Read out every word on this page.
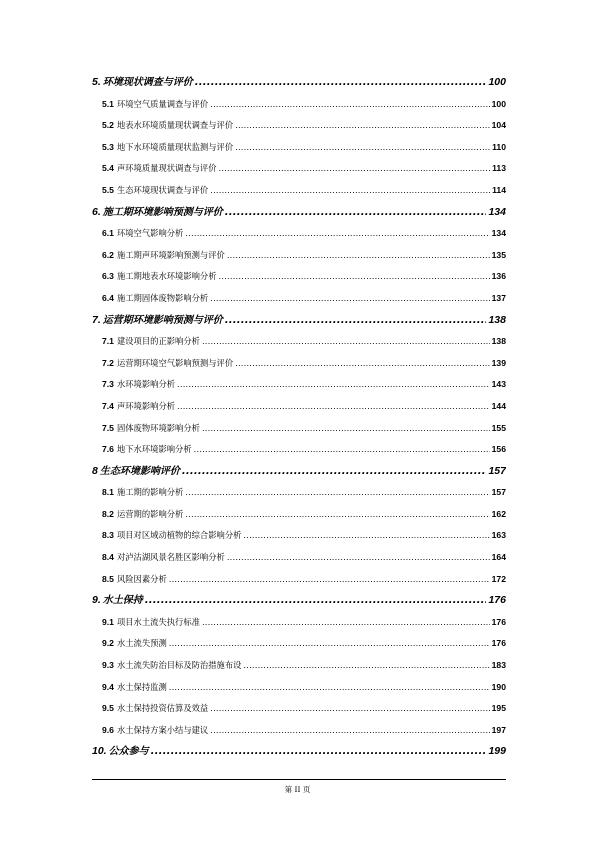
5. 环境现状调查与评价 .....	100
5.1 环境空气质量调查与评价 .....	100
5.2 地表水环境质量现状调查与评价 .....	104
5.3 地下水环境质量现状监测与评价 .....	110
5.4 声环境质量现状调查与评价 .....	113
5.5 生态环境现状调查与评价 .....	114
6. 施工期环境影响预测与评价 .....	134
6.1 环境空气影响分析 .....	134
6.2 施工期声环境影响预测与评价 .....	135
6.3 施工期地表水环境影响分析 .....	136
6.4 施工期固体废物影响分析 .....	137
7. 运营期环境影响预测与评价 .....	138
7.1 建设项目的正影响分析 .....	138
7.2 运营期环境空气影响预测与评价 .....	139
7.3 水环境影响分析 .....	143
7.4 声环境影响分析 .....	144
7.5 固体废物环境影响分析 .....	155
7.6 地下水环境影响分析 .....	156
8 生态环境影响评价 .....	157
8.1 施工期的影响分析 .....	157
8.2 运营期的影响分析 .....	162
8.3 项目对区域动植物的综合影响分析 .....	163
8.4 对泸沽湖风景名胜区影响分析 .....	164
8.5 风险因素分析 .....	172
9. 水土保持 .....	176
9.1 项目水土流失执行标准 .....	176
9.2 水土流失预测 .....	176
9.3 水土流失防治目标及防治措施布设 .....	183
9.4 水土保持监测 .....	190
9.5 水土保持投资估算及效益 .....	195
9.6 水土保持方案小结与建议 .....	197
10. 公众参与 .....	199
第 II 页
